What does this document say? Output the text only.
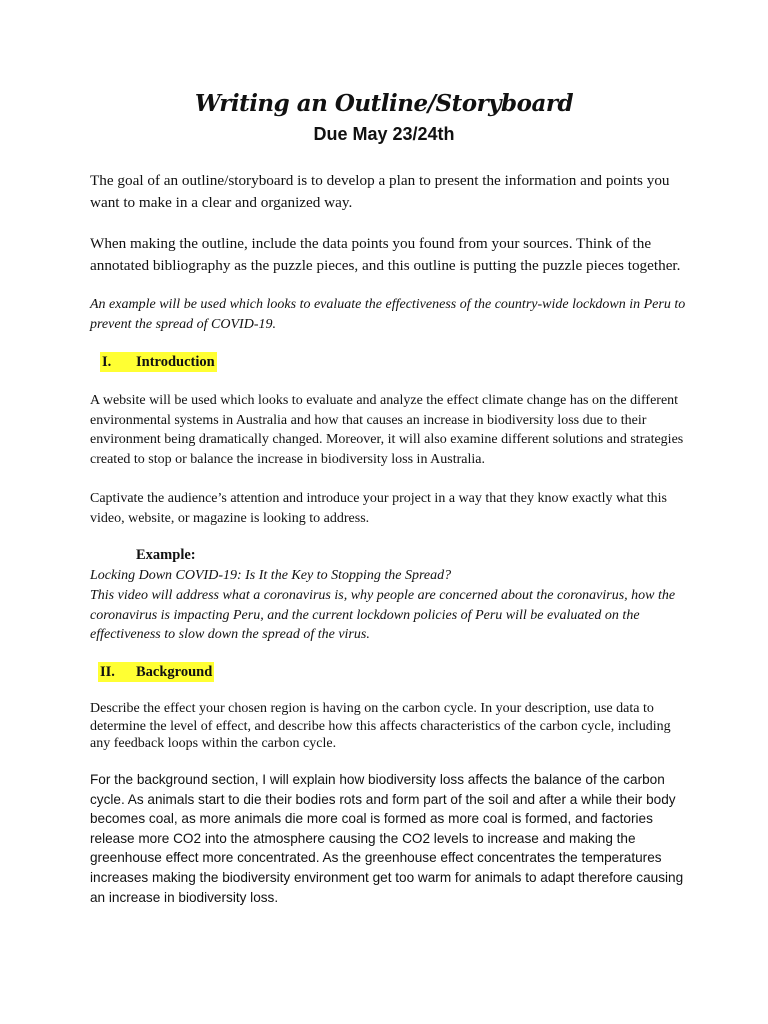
Writing an Outline/Storyboard
Due May 23/24th

The goal of an outline/storyboard is to develop a plan to present the information and points you want to make in a clear and organized way.

When making the outline, include the data points you found from your sources. Think of the annotated bibliography as the puzzle pieces, and this outline is putting the puzzle pieces together.

An example will be used which looks to evaluate the effectiveness of the country-wide lockdown in Peru to prevent the spread of COVID-19.

I. Introduction

A website will be used which looks to evaluate and analyze the effect climate change has on the different environmental systems in Australia and how that causes an increase in biodiversity loss due to their environment being dramatically changed. Moreover, it will also examine different solutions and strategies created to stop or balance the increase in biodiversity loss in Australia.

Captivate the audience’s attention and introduce your project in a way that they know exactly what this video, website, or magazine is looking to address.

Example:

Locking Down COVID-19: Is It the Key to Stopping the Spread?

This video will address what a coronavirus is, why people are concerned about the coronavirus, how the coronavirus is impacting Peru, and the current lockdown policies of Peru will be evaluated on the effectiveness to slow down the spread of the virus.

II. Background

Describe the effect your chosen region is having on the carbon cycle. In your description, use data to determine the level of effect, and describe how this affects characteristics of the carbon cycle, including any feedback loops within the carbon cycle.

For the background section, I will explain how biodiversity loss affects the balance of the carbon cycle. As animals start to die their bodies rots and form part of the soil and after a while their body becomes coal, as more animals die more coal is formed as more coal is formed, and factories release more CO2 into the atmosphere causing the CO2 levels to increase and making the greenhouse effect more concentrated. As the greenhouse effect concentrates the temperatures increases making the biodiversity environment get too warm for animals to adapt therefore causing an increase in biodiversity loss.
